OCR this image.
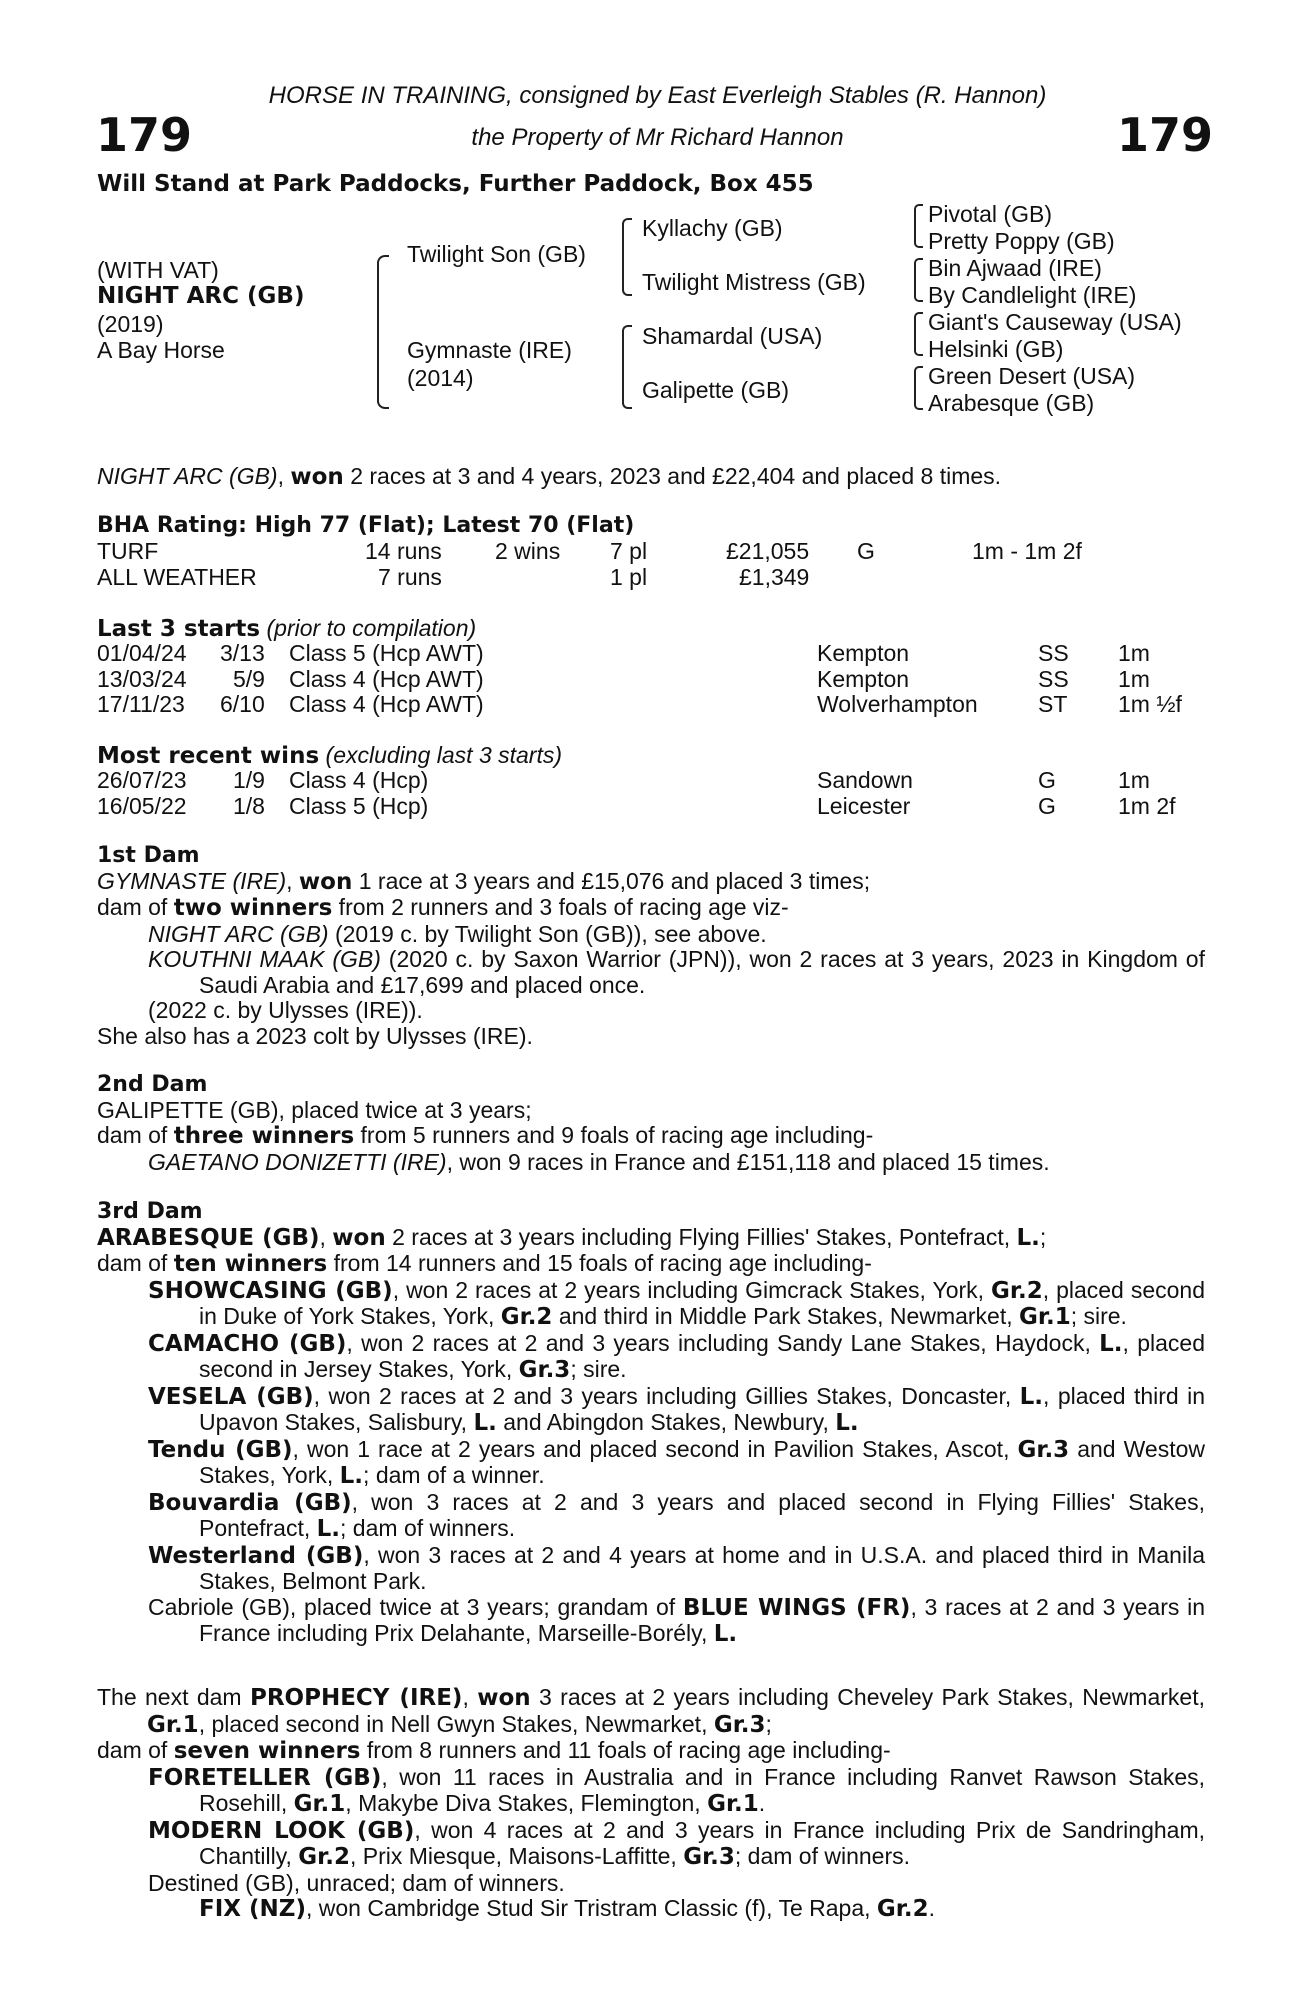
179	179
HORSE IN TRAINING, consigned by East Everleigh Stables (R. Hannon)
the Property of Mr Richard Hannon
Will Stand at Park Paddocks, Further Paddock, Box 455
(WITH VAT)
NIGHT ARC (GB)
(2019)
A Bay Horse
Twilight Son (GB)
Gymnaste (IRE)
(2014)
Kyllachy (GB)
Twilight Mistress (GB)
Shamardal (USA)
Galipette (GB)
Pivotal (GB)
Pretty Poppy (GB)
Bin Ajwaad (IRE)
By Candlelight (IRE)
Giant's Causeway (USA)
Helsinki (GB)
Green Desert (USA)
Arabesque (GB)
NIGHT ARC (GB), won 2 races at 3 and 4 years, 2023 and £22,404 and placed 8 times.
BHA Rating: High 77 (Flat); Latest 70 (Flat)
TURF	14 runs 2 wins 7 pl	£21,055 G	1m - 1m 2f
ALL WEATHER	7 runs	1 pl	£1,349
Last 3 starts (prior to compilation)
01/04/24 3/13 Class 5 (Hcp AWT)	Kempton	SS 1m
13/03/24 5/9 Class 4 (Hcp AWT)	Kempton	SS 1m
17/11/23 6/10 Class 4 (Hcp AWT)	Wolverhampton	ST 1m ½f
Most recent wins (excluding last 3 starts)
26/07/23 1/9 Class 4 (Hcp)	Sandown	G	1m
16/05/22 1/8 Class 5 (Hcp)	Leicester	G	1m 2f

1st Dam

GYMNASTE (IRE), won 1 race at 3 years and £15,076 and placed 3 times;

dam of two winners from 2 runners and 3 foals of racing age viz-

NIGHT ARC (GB) (2019 c. by Twilight Son (GB)), see above.

KOUTHNI MAAK (GB) (2020 c. by Saxon Warrior (JPN)), won 2 races at 3 years, 2023 in Kingdom of Saudi Arabia and £17,699 and placed once.

(2022 c. by Ulysses (IRE)).

She also has a 2023 colt by Ulysses (IRE).

2nd Dam

GALIPETTE (GB), placed twice at 3 years;

dam of three winners from 5 runners and 9 foals of racing age including-

GAETANO DONIZETTI (IRE), won 9 races in France and £151,118 and placed 15 times.

3rd Dam

ARABESQUE (GB), won 2 races at 3 years including Flying Fillies' Stakes, Pontefract, L.;

dam of ten winners from 14 runners and 15 foals of racing age including-

SHOWCASING (GB), won 2 races at 2 years including Gimcrack Stakes, York, Gr.2, placed second in Duke of York Stakes, York, Gr.2 and third in Middle Park Stakes, Newmarket, Gr.1; sire.

CAMACHO (GB), won 2 races at 2 and 3 years including Sandy Lane Stakes, Haydock, L., placed second in Jersey Stakes, York, Gr.3; sire.

VESELA (GB), won 2 races at 2 and 3 years including Gillies Stakes, Doncaster, L., placed third in Upavon Stakes, Salisbury, L. and Abingdon Stakes, Newbury, L.

Tendu (GB), won 1 race at 2 years and placed second in Pavilion Stakes, Ascot, Gr.3 and Westow Stakes, York, L.; dam of a winner.

Bouvardia (GB), won 3 races at 2 and 3 years and placed second in Flying Fillies' Stakes, Pontefract, L.; dam of winners.

Westerland (GB), won 3 races at 2 and 4 years at home and in U.S.A. and placed third in Manila Stakes, Belmont Park.

Cabriole (GB), placed twice at 3 years; grandam of BLUE WINGS (FR), 3 races at 2 and 3 years in France including Prix Delahante, Marseille-Borély, L.

The next dam PROPHECY (IRE), won 3 races at 2 years including Cheveley Park Stakes, Newmarket, Gr.1, placed second in Nell Gwyn Stakes, Newmarket, Gr.3;

dam of seven winners from 8 runners and 11 foals of racing age including-

FORETELLER (GB), won 11 races in Australia and in France including Ranvet Rawson Stakes, Rosehill, Gr.1, Makybe Diva Stakes, Flemington, Gr.1.

MODERN LOOK (GB), won 4 races at 2 and 3 years in France including Prix de Sandringham, Chantilly, Gr.2, Prix Miesque, Maisons-Laffitte, Gr.3; dam of winners.

Destined (GB), unraced; dam of winners.

FIX (NZ), won Cambridge Stud Sir Tristram Classic (f), Te Rapa, Gr.2.
